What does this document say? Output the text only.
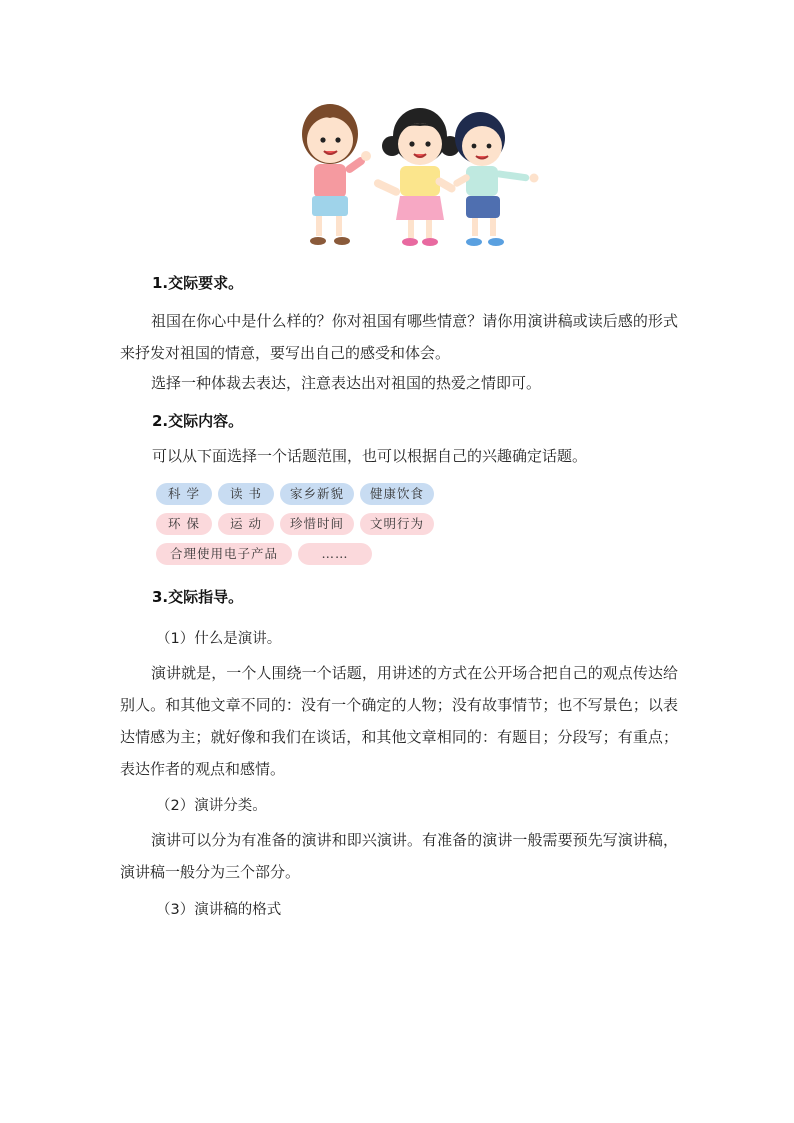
1.交际要求。

祖国在你心中是什么样的？你对祖国有哪些情意？请你用演讲稿或读后感的形式来抒发对祖国的情意，要写出自己的感受和体会。

选择一种体裁去表达，注意表达出对祖国的热爱之情即可。

2.交际内容。

可以从下面选择一个话题范围，也可以根据自己的兴趣确定话题。

科 学	读 书	家乡新貌	健康饮食
环 保	运 动	珍惜时间	文明行为
合理使用电子产品	……
3.交际指导。

（1）什么是演讲。

演讲就是，一个人围绕一个话题，用讲述的方式在公开场合把自己的观点传达给别人。和其他文章不同的：没有一个确定的人物；没有故事情节；也不写景色；以表达情感为主；就好像和我们在谈话，和其他文章相同的：有题目；分段写；有重点；表达作者的观点和感情。

（2）演讲分类。

演讲可以分为有准备的演讲和即兴演讲。有准备的演讲一般需要预先写演讲稿，演讲稿一般分为三个部分。

（3）演讲稿的格式
